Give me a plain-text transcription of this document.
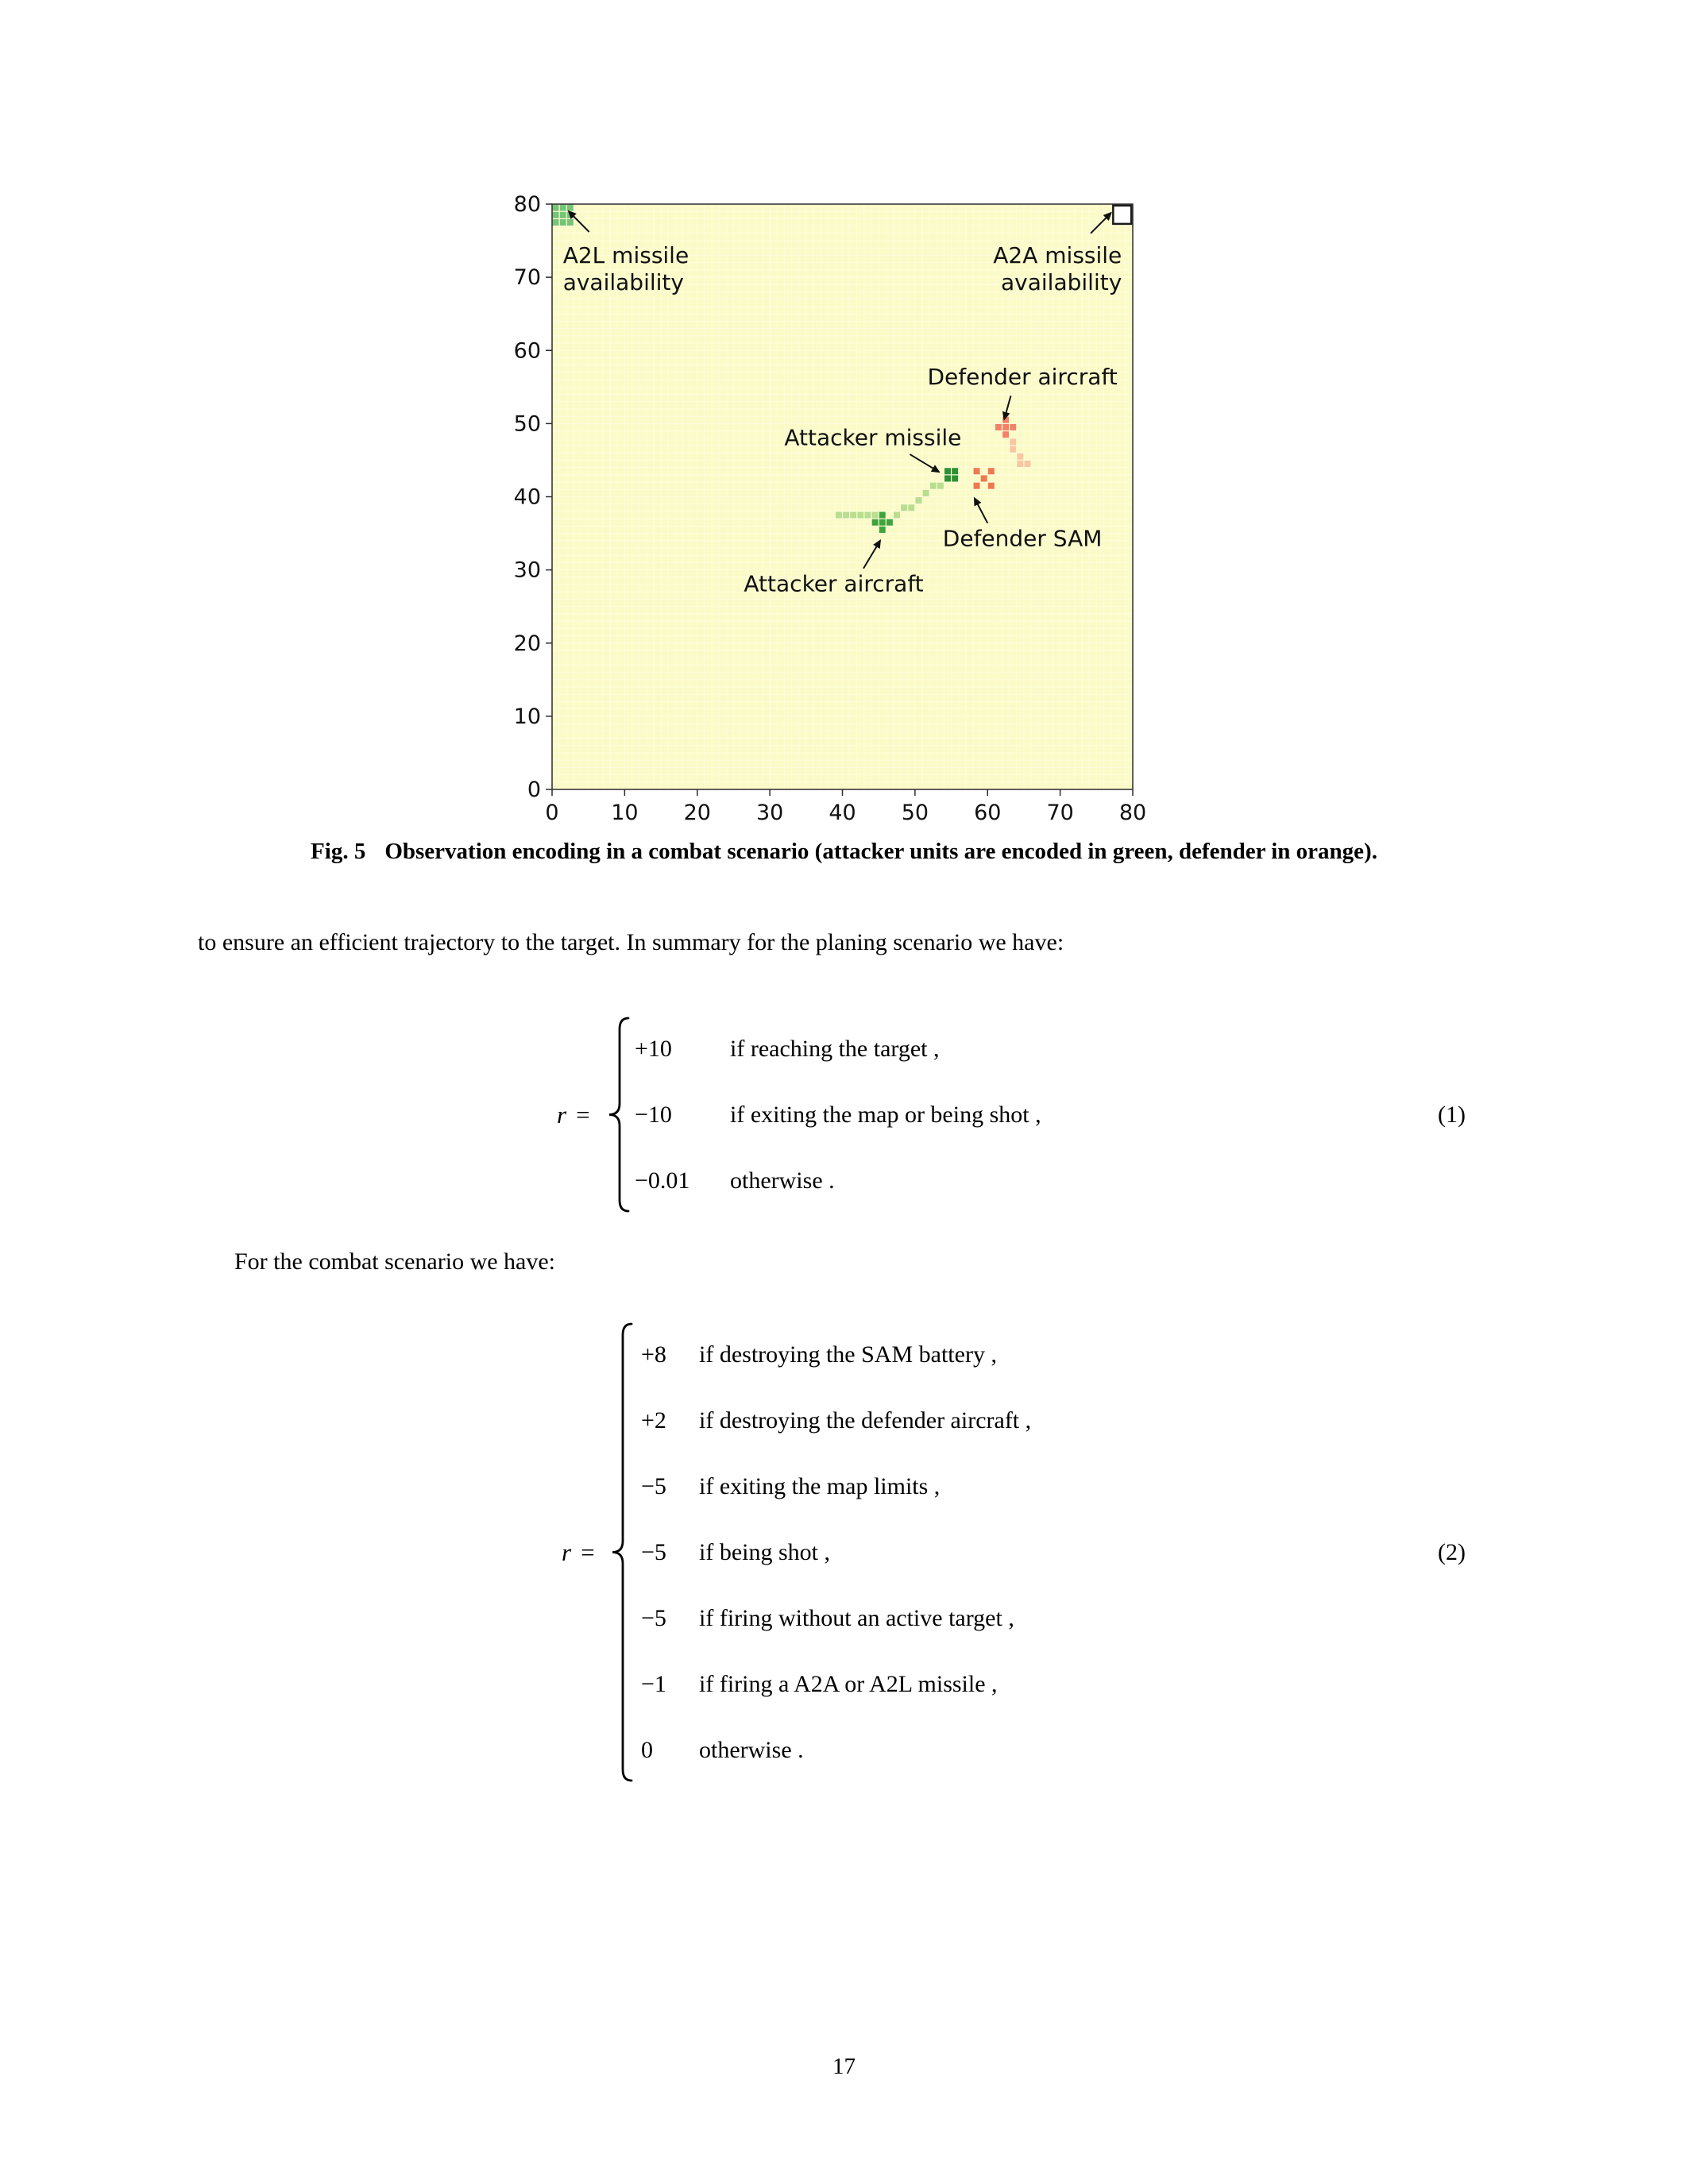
0 10 20 30 40 50 60 70 80
0
10
20
30
40
50
60
70
80
A2L missile
availability
A2A missile
availability
Defender aircraft
Attacker missile
Defender SAM
Attacker aircraft
Fig. 5 Observation encoding in a combat scenario (attacker units are encoded in green, defender in orange).

to ensure an efficient trajectory to the target. In summary for the planing scenario we have:

r =
+10	if reaching the target ,
−10	if exiting the map or being shot ,
−0.01	otherwise .
(1)

For the combat scenario we have:

r =
+8	if destroying the SAM battery ,
+2	if destroying the defender aircraft ,
−5	if exiting the map limits ,
−5	if being shot ,
−5	if firing without an active target ,
−1	if firing a A2A or A2L missile ,
0	otherwise .
(2)
17
